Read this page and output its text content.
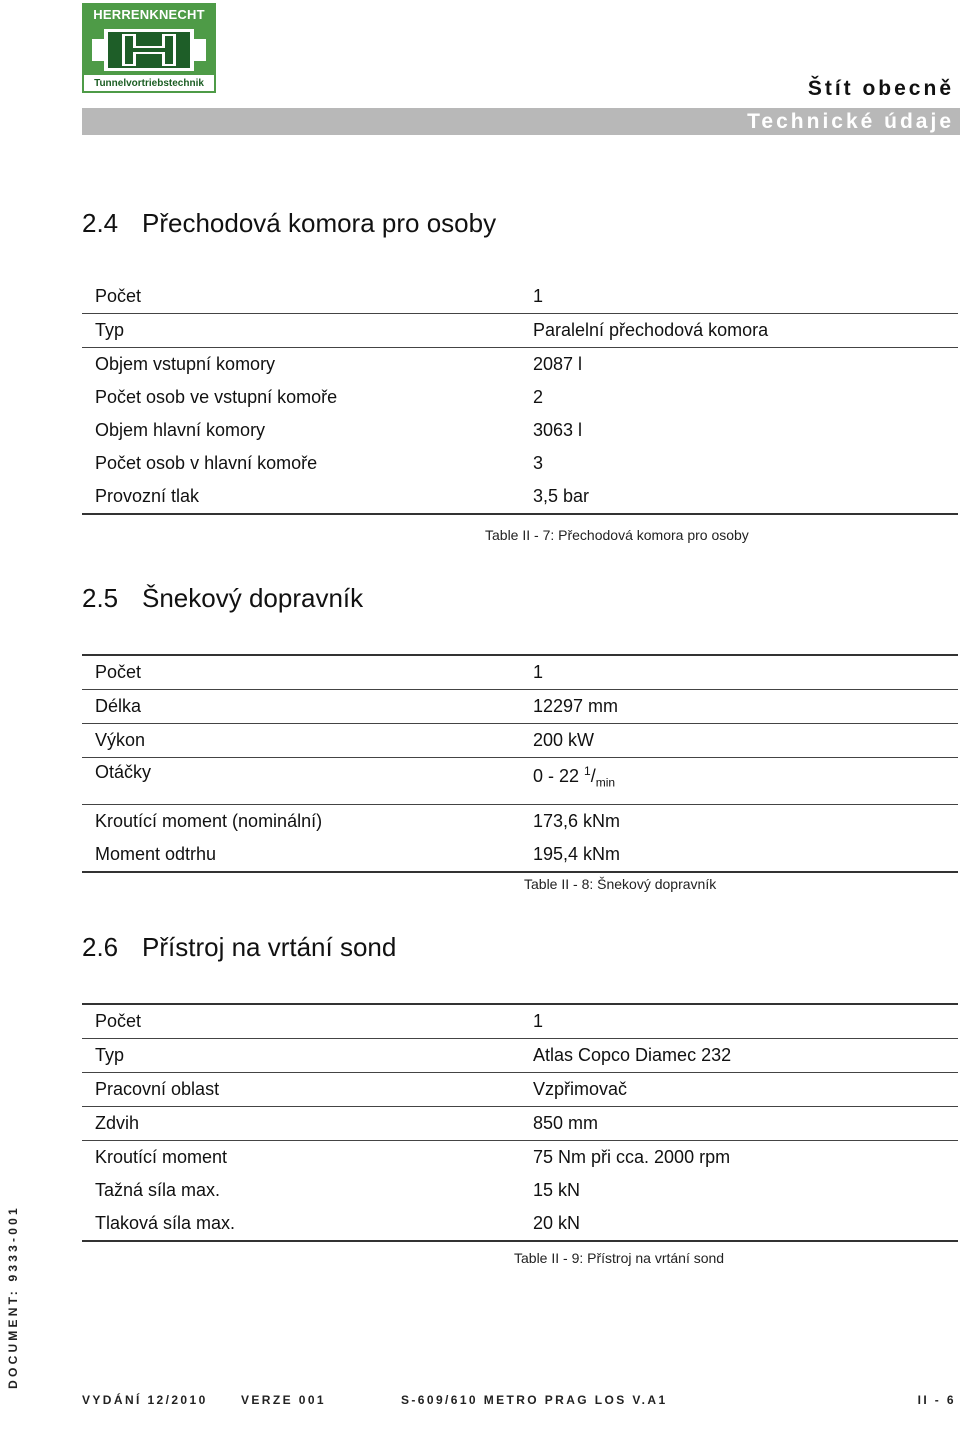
HERRENKNECHT
Tunnelvortriebstechnik	Štít obecně
Technické údaje
2.4 Přechodová komora pro osoby
Počet	1
Typ	Paralelní přechodová komora
Objem vstupní komory	2087 l
Počet osob ve vstupní komoře	2
Objem hlavní komory	3063 l
Počet osob v hlavní komoře	3
Provozní tlak	3,5 bar
Table II - 7: Přechodová komora pro osoby
2.5 Šnekový dopravník
Počet	1
Délka	12297 mm
Výkon	200 kW
Otáčky	0 - 22 $^1/_{min}$
Kroutící moment (nominální)	173,6 kNm
Moment odtrhu	195,4 kNm
Table II - 8: Šnekový dopravník
2.6 Přístroj na vrtání sond
Počet	1
Typ	Atlas Copco Diamec 232
Pracovní oblast	Vzpřimovač
Zdvih	850 mm
Kroutící moment	75 Nm při cca. 2000 rpm
Tažná síla max.	15 kN
Tlaková síla max.	20 kN
Table II - 9: Přístroj na vrtání sond
DOCUMENT: 9333-001
VYDÁNÍ 12/2010	VERZE 001	S-609/610 METRO PRAG LOS V.A1	II - 6
